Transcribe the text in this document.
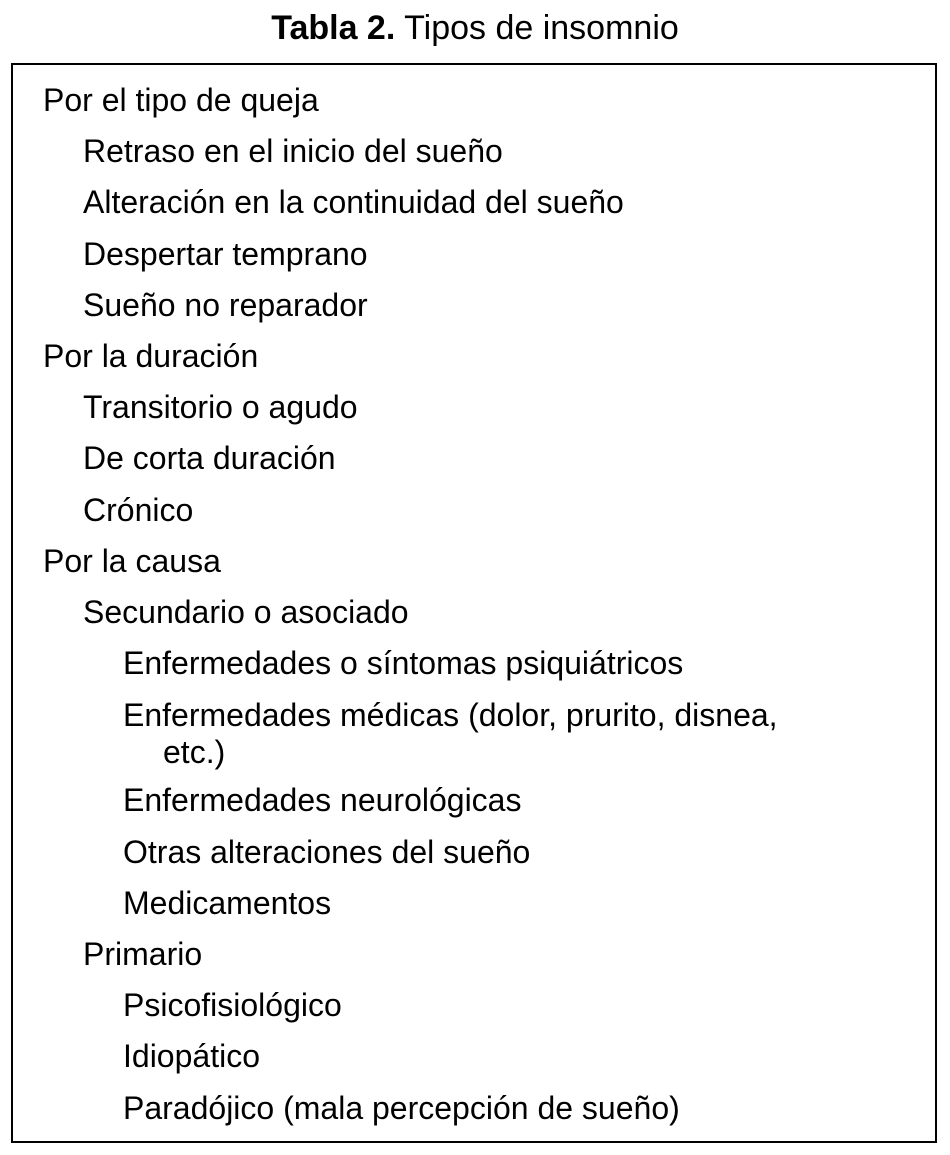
Tabla 2. Tipos de insomnio
Por el tipo de queja
Retraso en el inicio del sueño
Alteración en la continuidad del sueño
Despertar temprano
Sueño no reparador
Por la duración
Transitorio o agudo
De corta duración
Crónico
Por la causa
Secundario o asociado
Enfermedades o síntomas psiquiátricos
Enfermedades médicas (dolor, prurito, disnea,
etc.)
Enfermedades neurológicas
Otras alteraciones del sueño
Medicamentos
Primario
Psicofisiológico
Idiopático
Paradójico (mala percepción de sueño)
